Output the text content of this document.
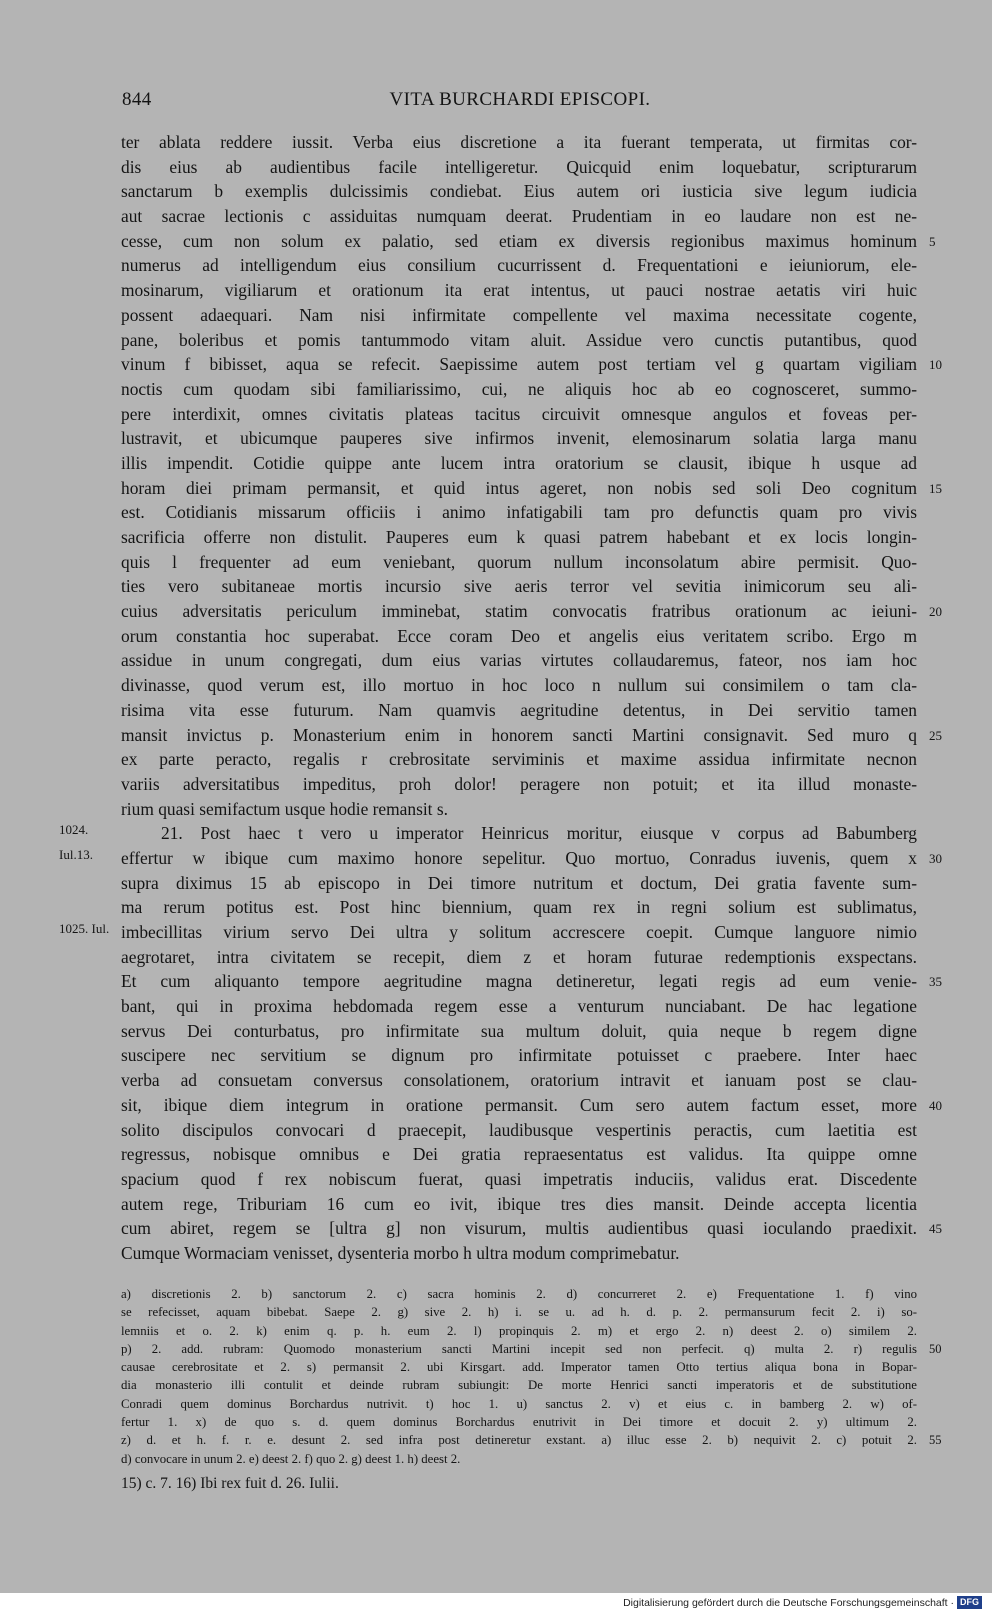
844	VITA BURCHARDI EPISCOPI.
ter ablata reddere iussit. Verba eius discretione a ita fuerant temperata, ut firmitas cor-
dis eius ab audientibus facile intelligeretur. Quicquid enim loquebatur, scripturarum
sanctarum b exemplis dulcissimis condiebat. Eius autem ori iusticia sive legum iudicia
aut sacrae lectionis c assiduitas numquam deerat. Prudentiam in eo laudare non est ne-
cesse, cum non solum ex palatio, sed etiam ex diversis regionibus maximus hominum 5
numerus ad intelligendum eius consilium cucurrissent d. Frequentationi e ieiuniorum, ele-
mosinarum, vigiliarum et orationum ita erat intentus, ut pauci nostrae aetatis viri huic
possent adaequari. Nam nisi infirmitate compellente vel maxima necessitate cogente,
pane, boleribus et pomis tantummodo vitam aluit. Assidue vero cunctis putantibus, quod
vinum f bibisset, aqua se refecit. Saepissime autem post tertiam vel g quartam vigiliam 10
noctis cum quodam sibi familiarissimo, cui, ne aliquis hoc ab eo cognosceret, summo-
pere interdixit, omnes civitatis plateas tacitus circuivit omnesque angulos et foveas per-
lustravit, et ubicumque pauperes sive infirmos invenit, elemosinarum solatia larga manu
illis impendit. Cotidie quippe ante lucem intra oratorium se clausit, ibique h usque ad
horam diei primam permansit, et quid intus ageret, non nobis sed soli Deo cognitum 15
est. Cotidianis missarum officiis i animo infatigabili tam pro defunctis quam pro vivis
sacrificia offerre non distulit. Pauperes eum k quasi patrem habebant et ex locis longin-
quis l frequenter ad eum veniebant, quorum nullum inconsolatum abire permisit. Quo-
ties vero subitaneae mortis incursio sive aeris terror vel sevitia inimicorum seu ali-
cuius adversitatis periculum imminebat, statim convocatis fratribus orationum ac ieiuni- 20
orum constantia hoc superabat. Ecce coram Deo et angelis eius veritatem scribo. Ergo m
assidue in unum congregati, dum eius varias virtutes collaudaremus, fateor, nos iam hoc
divinasse, quod verum est, illo mortuo in hoc loco n nullum sui consimilem o tam cla-
risima vita esse futurum. Nam quamvis aegritudine detentus, in Dei servitio tamen
mansit invictus p. Monasterium enim in honorem sancti Martini consignavit. Sed muro q 25
ex parte peracto, regalis r crebrositate serviminis et maxime assidua infirmitate necnon
variis adversitatibus impeditus, proh dolor! peragere non potuit; et ita illud monaste-
rium quasi semifactum usque hodie remansit s.
21. Post haec t vero u imperator Heinricus moritur, eiusque v corpus ad Babumberg
1024.
effertur w ibique cum maximo honore sepelitur. Quo mortuo, Conradus iuvenis, quem x 30
Iul.13.
supra diximus 15 ab episcopo in Dei timore nutritum et doctum, Dei gratia favente sum-
ma rerum potitus est. Post hinc biennium, quam rex in regni solium est sublimatus,
imbecillitas virium servo Dei ultra y solitum accrescere coepit. Cumque languore nimio
1025. Iul.
aegrotaret, intra civitatem se recepit, diem z et horam futurae redemptionis exspectans.
Et cum aliquanto tempore aegritudine magna detineretur, legati regis ad eum venie- 35
bant, qui in proxima hebdomada regem esse a venturum nunciabant. De hac legatione
servus Dei conturbatus, pro infirmitate sua multum doluit, quia neque b regem digne
suscipere nec servitium se dignum pro infirmitate potuisset c praebere. Inter haec
verba ad consuetam conversus consolationem, oratorium intravit et ianuam post se clau-
sit, ibique diem integrum in oratione permansit. Cum sero autem factum esset, more 40
solito discipulos convocari d praecepit, laudibusque vespertinis peractis, cum laetitia est
regressus, nobisque omnibus e Dei gratia repraesentatus est validus. Ita quippe omne
spacium quod f rex nobiscum fuerat, quasi impetratis induciis, validus erat. Discedente
autem rege, Triburiam 16 cum eo ivit, ibique tres dies mansit. Deinde accepta licentia
cum abiret, regem se [ultra g] non visurum, multis audientibus quasi ioculando praedixit. 45
Cumque Wormaciam venisset, dysenteria morbo h ultra modum comprimebatur.
a) discretionis 2. b) sanctorum 2. c) sacra hominis 2. d) concurreret 2. e) Frequentatione 1. f) vino
se refecisset, aquam bibebat. Saepe 2. g) sive 2. h) i. se u. ad h. d. p. 2. permansurum fecit 2. i) so-
lemniis et o. 2. k) enim q. p. h. eum 2. l) propinquis 2. m) et ergo 2. n) deest 2. o) similem 2.
p) 2. add. rubram: Quomodo monasterium sancti Martini incepit sed non perfecit. q) multa 2. r) regulis 50
causae cerebrositate et 2. s) permansit 2. ubi Kirsgart. add. Imperator tamen Otto tertius aliqua bona in Bopar-
dia monasterio illi contulit et deinde rubram subiungit: De morte Henrici sancti imperatoris et de substitutione
Conradi quem dominus Borchardus nutrivit. t) hoc 1. u) sanctus 2. v) et eius c. in bamberg 2. w) of-
fertur 1. x) de quo s. d. quem dominus Borchardus enutrivit in Dei timore et docuit 2. y) ultimum 2.
z) d. et h. f. r. e. desunt 2. sed infra post detineretur exstant. a) illuc esse 2. b) nequivit 2. c) potuit 2. 55
d) convocare in unum 2. e) deest 2. f) quo 2. g) deest 1. h) deest 2.
15) c. 7. 16) Ibi rex fuit d. 26. Iulii.
Digitalisierung gefördert durch die Deutsche Forschungsgemeinschaft · DFG
